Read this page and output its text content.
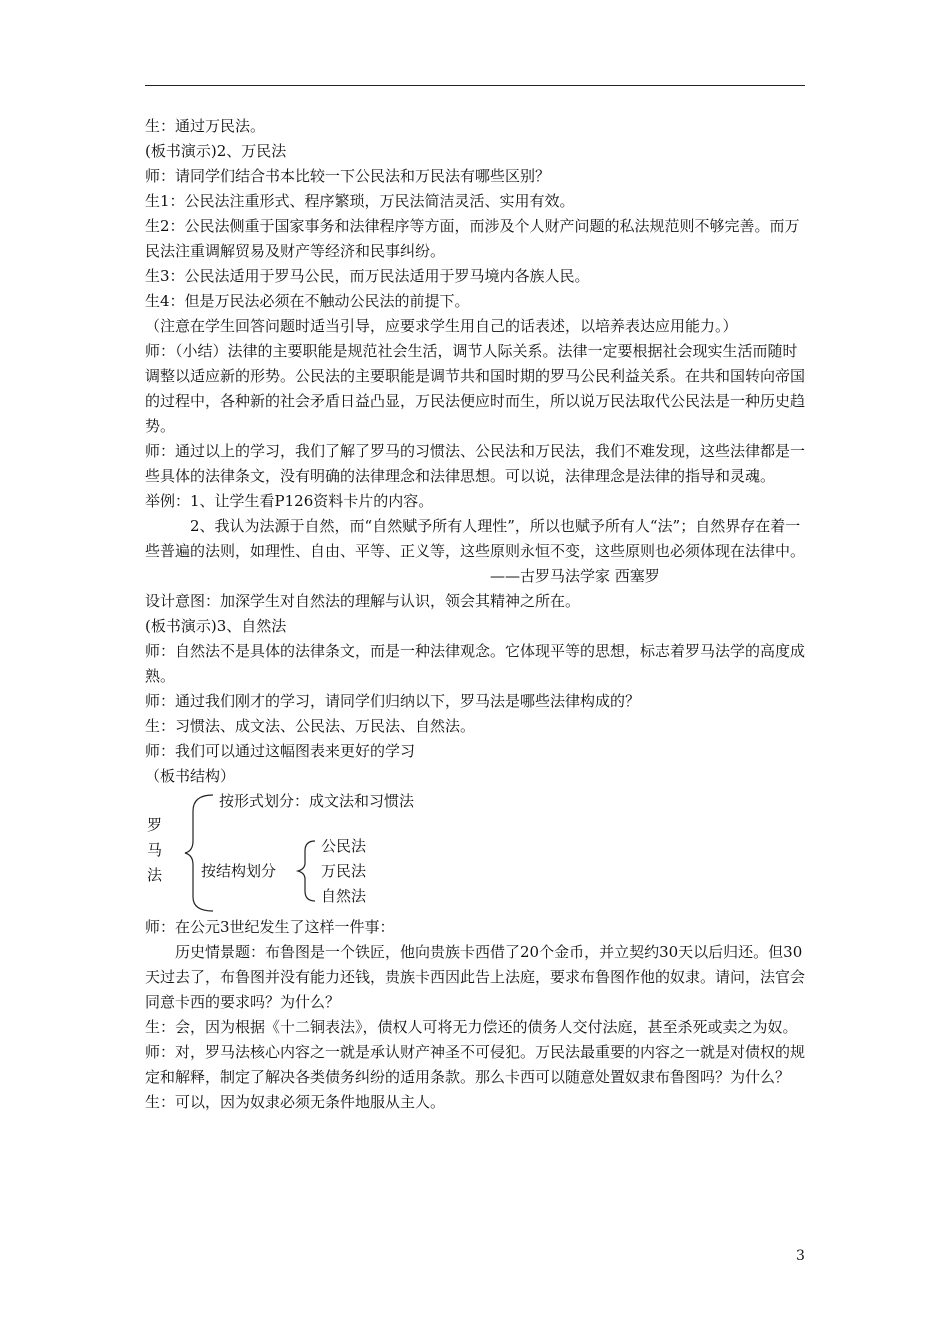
生：通过万民法。

(板书演示)2、万民法

师：请同学们结合书本比较一下公民法和万民法有哪些区别？

生1：公民法注重形式、程序繁琐，万民法简洁灵活、实用有效。

生2：公民法侧重于国家事务和法律程序等方面，而涉及个人财产问题的私法规范则不够完善。而万民法注重调解贸易及财产等经济和民事纠纷。

生3：公民法适用于罗马公民，而万民法适用于罗马境内各族人民。

生4：但是万民法必须在不触动公民法的前提下。

（注意在学生回答问题时适当引导，应要求学生用自己的话表述，以培养表达应用能力。）

师：（小结）法律的主要职能是规范社会生活，调节人际关系。法律一定要根据社会现实生活而随时调整以适应新的形势。公民法的主要职能是调节共和国时期的罗马公民利益关系。在共和国转向帝国的过程中，各种新的社会矛盾日益凸显，万民法便应时而生，所以说万民法取代公民法是一种历史趋势。

师：通过以上的学习，我们了解了罗马的习惯法、公民法和万民法，我们不难发现，这些法律都是一些具体的法律条文，没有明确的法律理念和法律思想。可以说，法律理念是法律的指导和灵魂。

举例：1、让学生看P126资料卡片的内容。

2、我认为法源于自然，而“自然赋予所有人理性”，所以也赋予所有人“法”；自然界存在着一些普遍的法则，如理性、自由、平等、正义等，这些原则永恒不变，这些原则也必须体现在法律中。

——古罗马法学家 西塞罗

设计意图：加深学生对自然法的理解与认识，领会其精神之所在。

(板书演示)3、自然法

师：自然法不是具体的法律条文，而是一种法律观念。它体现平等的思想，标志着罗马法学的高度成熟。

师：通过我们刚才的学习，请同学们归纳以下，罗马法是哪些法律构成的？

生：习惯法、成文法、公民法、万民法、自然法。

师：我们可以通过这幅图表来更好的学习

（板书结构）

罗
马
法
按形式划分：成文法和习惯法
按结构划分
公民法
万民法
自然法

师：在公元3世纪发生了这样一件事：

历史情景题：布鲁图是一个铁匠，他向贵族卡西借了20个金币，并立契约30天以后归还。但30天过去了，布鲁图并没有能力还钱，贵族卡西因此告上法庭，要求布鲁图作他的奴隶。请问，法官会同意卡西的要求吗？为什么？

生：会，因为根据《十二铜表法》，债权人可将无力偿还的债务人交付法庭，甚至杀死或卖之为奴。

师：对，罗马法核心内容之一就是承认财产神圣不可侵犯。万民法最重要的内容之一就是对债权的规定和解释，制定了解决各类债务纠纷的适用条款。那么卡西可以随意处置奴隶布鲁图吗？为什么？

生：可以，因为奴隶必须无条件地服从主人。

3
